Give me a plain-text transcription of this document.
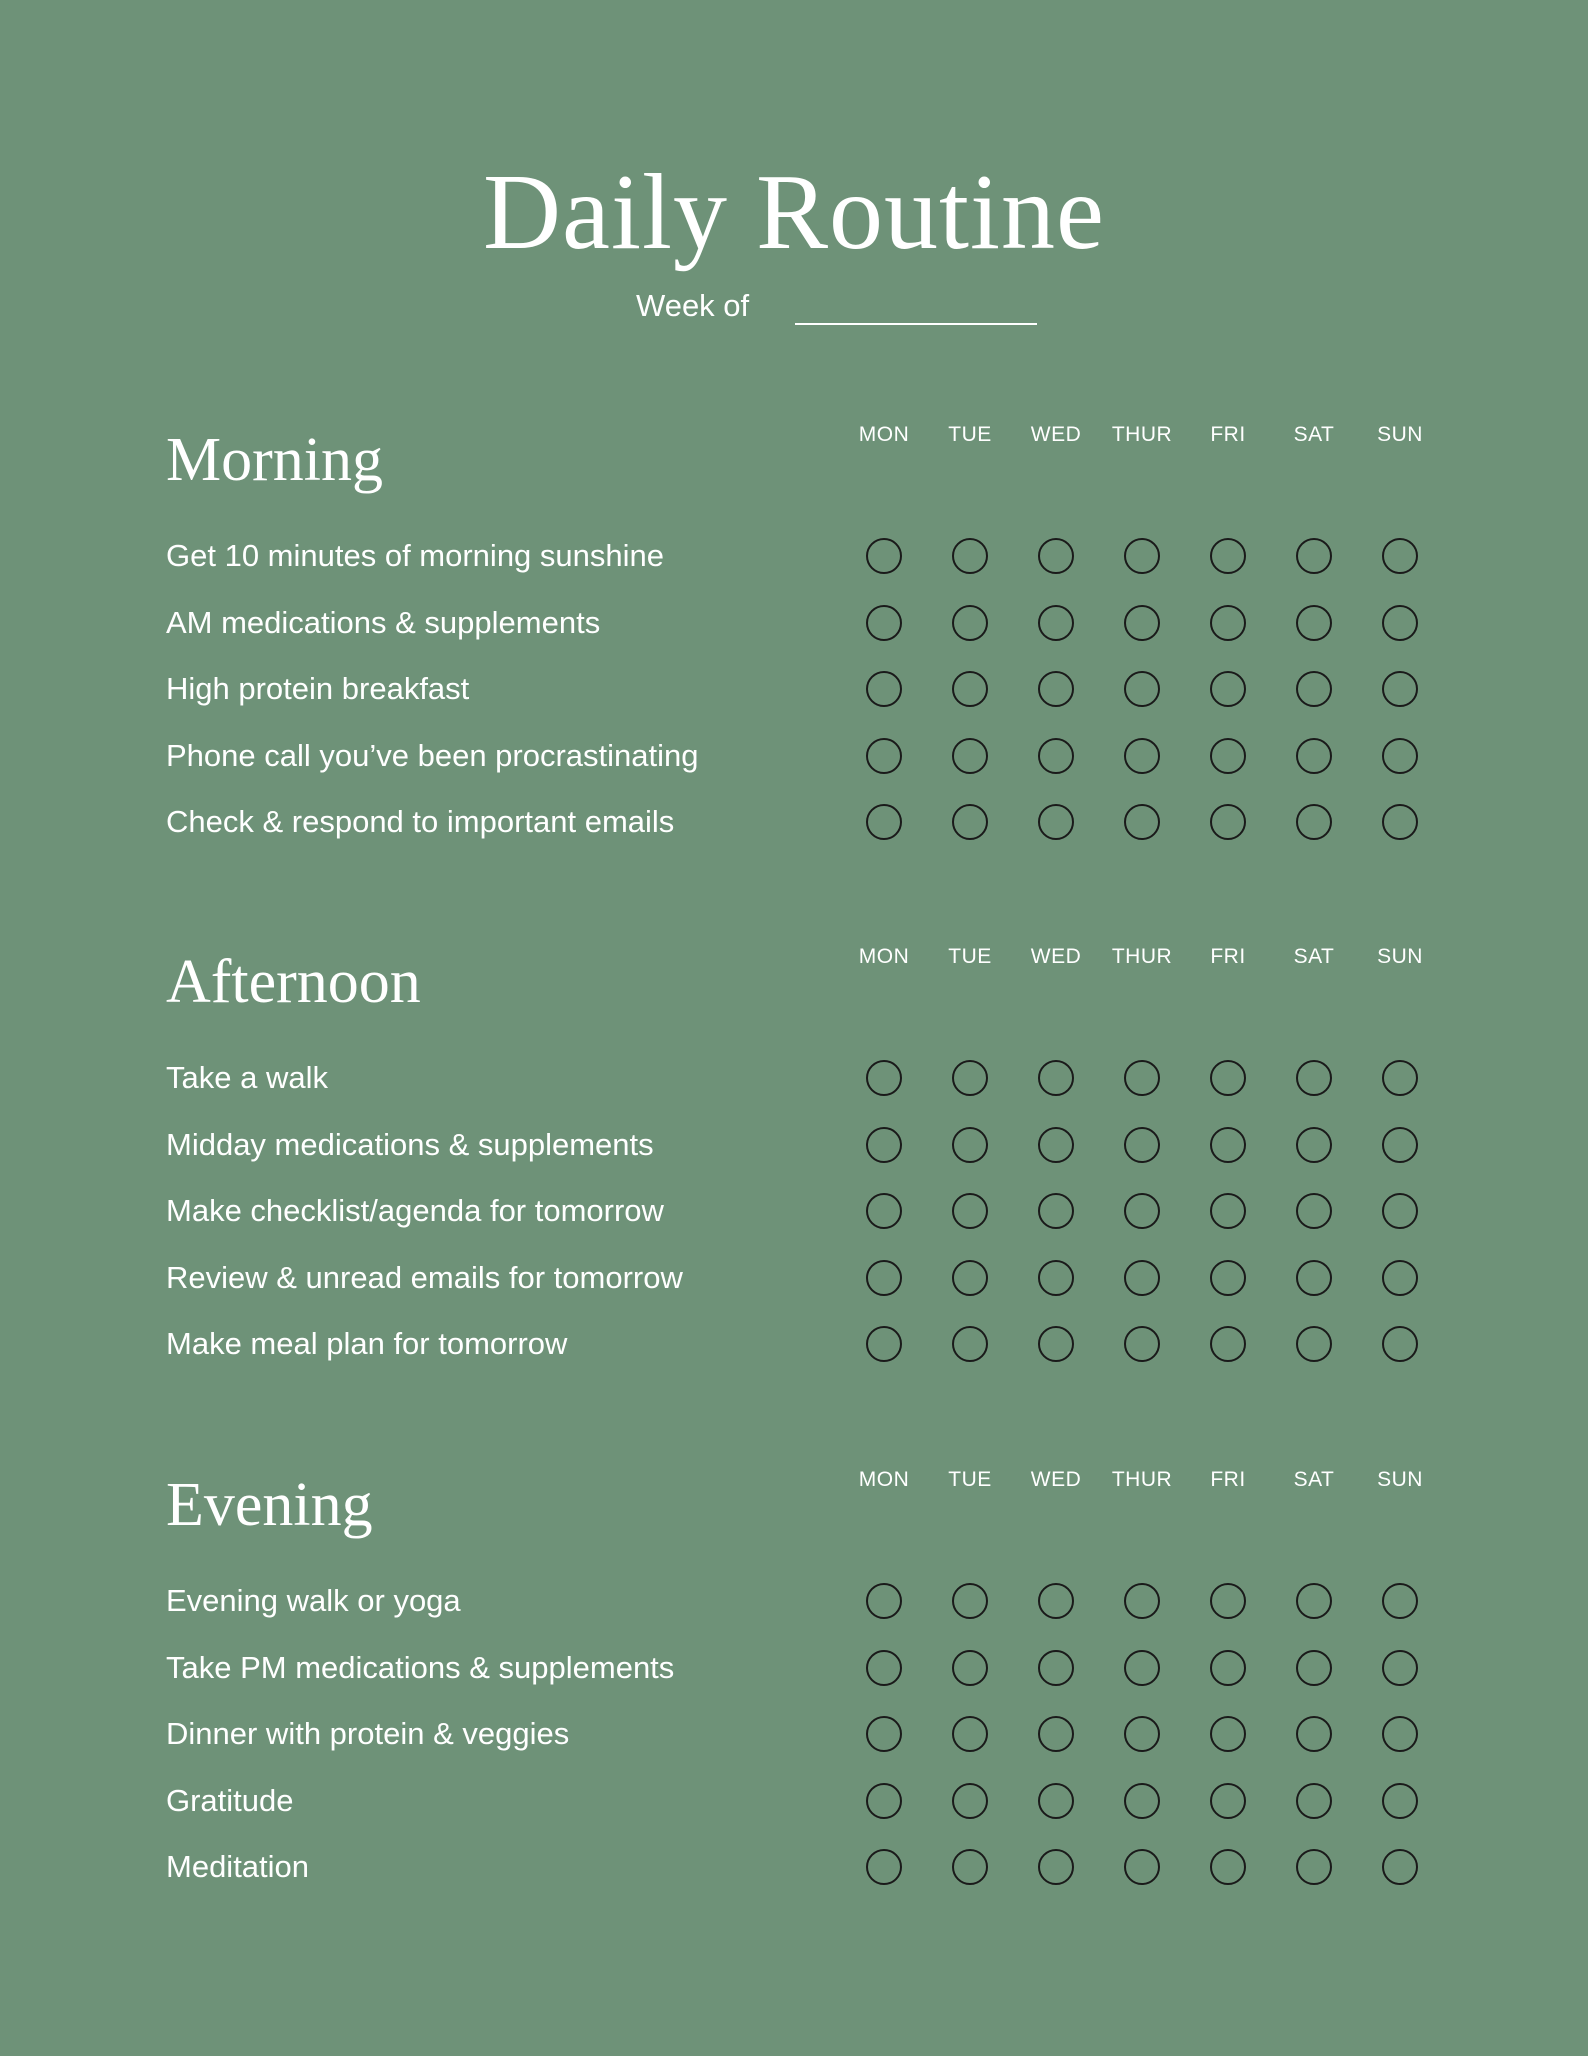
Daily Routine
Week of
Morning	MON	TUE	WED	THUR	FRI	SAT	SUN
Get 10 minutes of morning sunshine
AM medications & supplements
High protein breakfast
Phone call you’ve been procrastinating
Check & respond to important emails
Afternoon	MON	TUE	WED	THUR	FRI	SAT	SUN
Take a walk
Midday medications & supplements
Make checklist/agenda for tomorrow
Review & unread emails for tomorrow
Make meal plan for tomorrow
Evening	MON	TUE	WED	THUR	FRI	SAT	SUN
Evening walk or yoga
Take PM medications & supplements
Dinner with protein & veggies
Gratitude
Meditation
